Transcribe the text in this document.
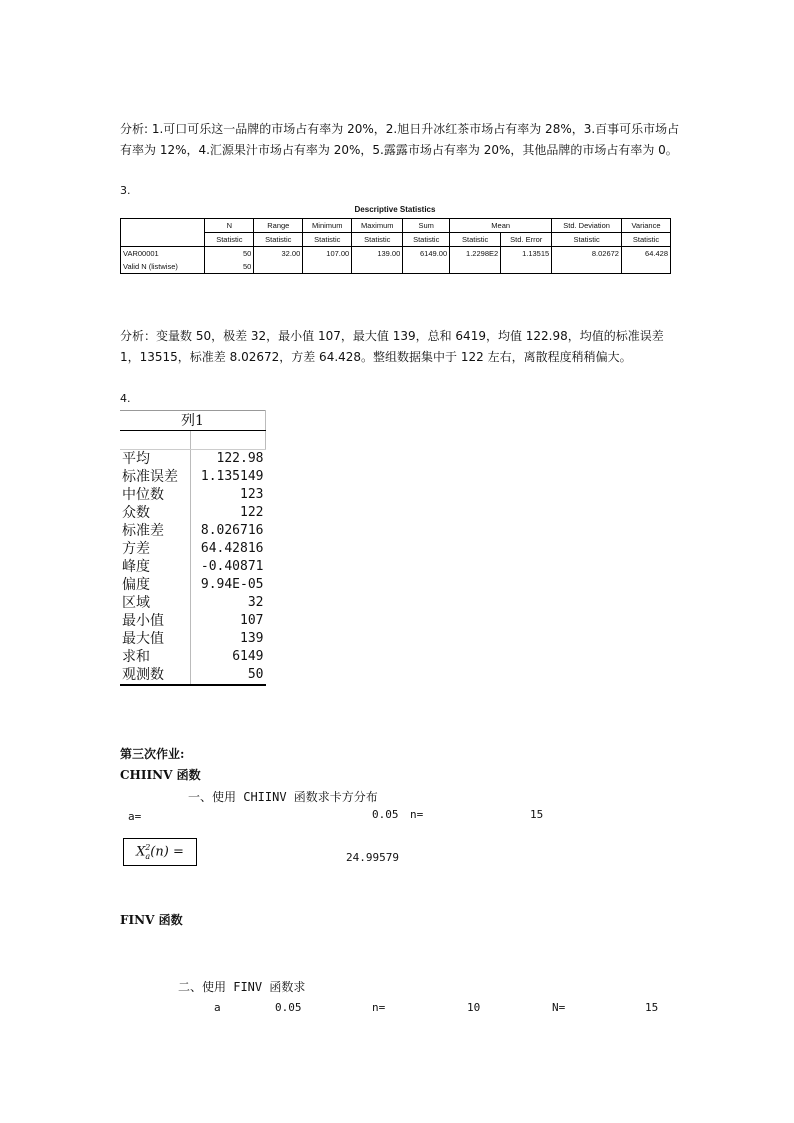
分析: 1.可口可乐这一品牌的市场占有率为 20%，2.旭日升冰红茶市场占有率为 28%，3.百事可乐市场占有率为 12%，4.汇源果汁市场占有率为 20%，5.露露市场占有率为 20%，其他品牌的市场占有率为 0。
3.
Descriptive Statistics
	N	Range	Minimum	Maximum	Sum	Mean		Std. Deviation	Variance
	Statistic	Statistic	Statistic	Statistic	Statistic	Statistic	Std. Error	Statistic	Statistic
VAR00001	50	32.00	107.00	139.00	6149.00	1.2298E2	1.13515	8.02672	64.428
Valid N (listwise)	50								
分析：变量数 50，极差 32，最小值 107，最大值 139，总和 6419，均值 122.98，均值的标准误差 1，13515，标准差 8.02672，方差 64.428。整组数据集中于 122 左右，离散程度稍稍偏大。
4.
列1	

平均	122.98
标准误差	1.135149
中位数	123
众数	122
标准差	8.026716
方差	64.42816
峰度	-0.40871
偏度	9.94E-05
区域	32
最小值	107
最大值	139
求和	6149
观测数	50
第三次作业:
CHIINV 函数
一、使用 CHIINV 函数求卡方分布
a=	0.05 n=	15
$X_a^2(n)$ =	24.99579
FINV 函数
二、使用 FINV 函数求
a	0.05	n=	10	N=	15
